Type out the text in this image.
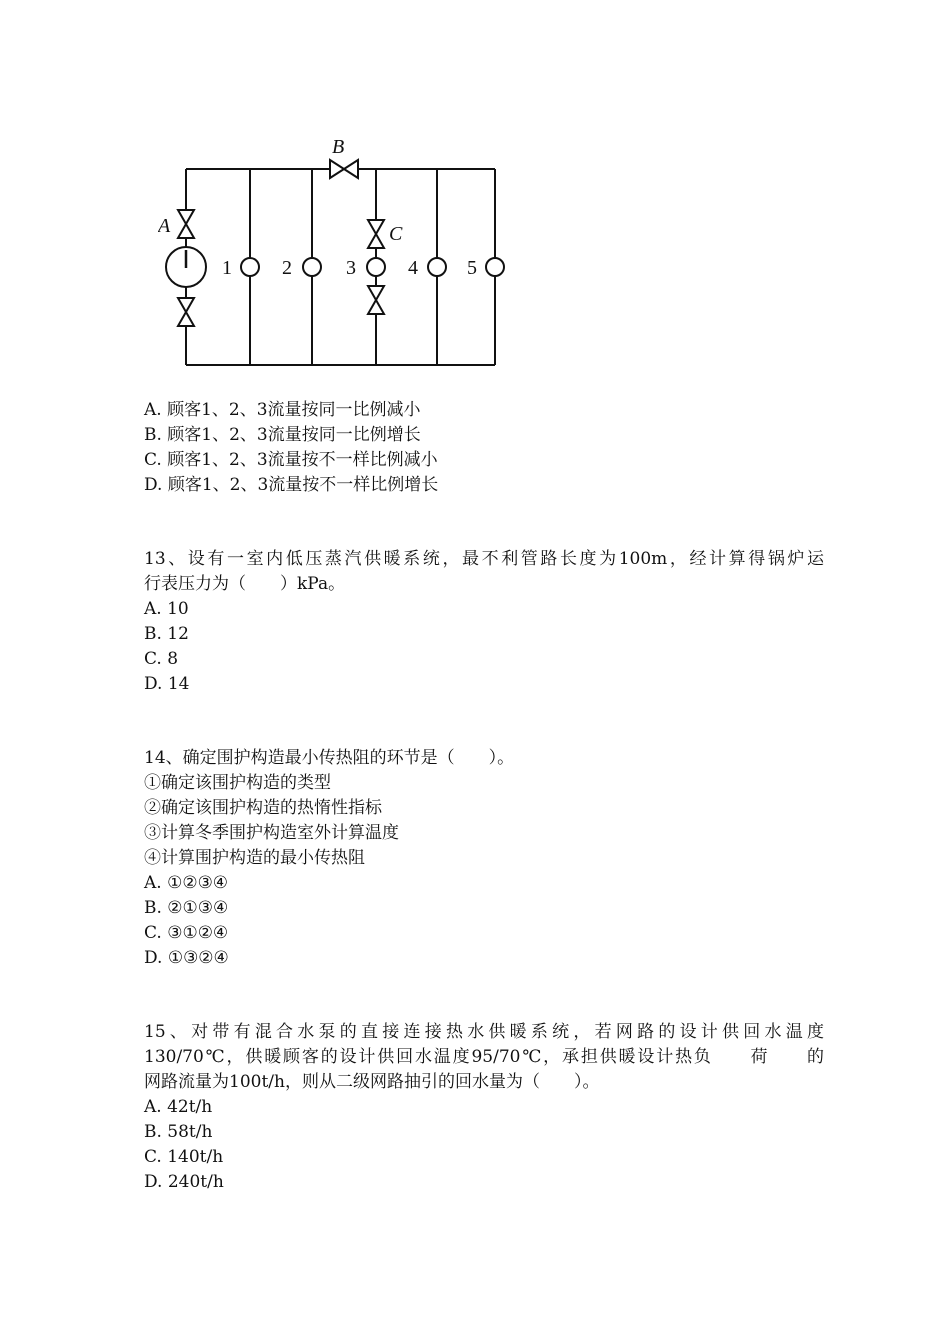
B
A	C
1	2	3	4 5
A. 顾客1、2、3流量按同一比例减小
B. 顾客1、2、3流量按同一比例增长
C. 顾客1、2、3流量按不一样比例减小
D. 顾客1、2、3流量按不一样比例增长
13、设有一室内低压蒸汽供暖系统，最不利管路长度为100m，经计算得锅炉运
行表压力为（　　）kPa。
A. 10
B. 12
C. 8
D. 14
14、确定围护构造最小传热阻的环节是（　　）。
①确定该围护构造的类型
②确定该围护构造的热惰性指标
③计算冬季围护构造室外计算温度
④计算围护构造的最小传热阻
A. ①②③④
B. ②①③④
C. ③①②④
D. ①③②④
15、对带有混合水泵的直接连接热水供暖系统，若网路的设计供回水温度
130/70℃，供暖顾客的设计供回水温度95/70℃，承担供暖设计热负　　荷　　的
网路流量为100t/h，则从二级网路抽引的回水量为（　　）。
A. 42t/h
B. 58t/h
C. 140t/h
D. 240t/h
